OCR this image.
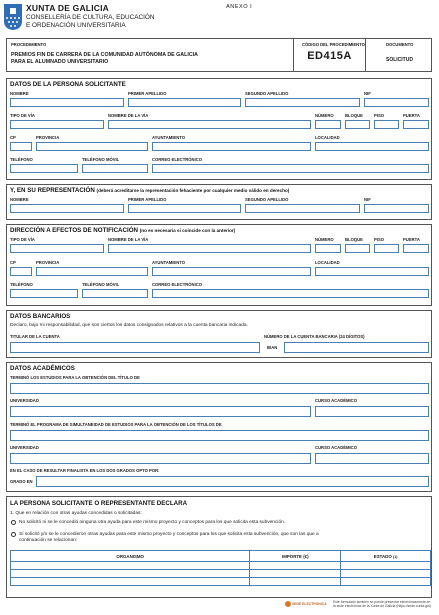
XUNTA DE GALICIA
CONSELLERÍA DE CULTURA, EDUCACIÓN
E ORDENACIÓN UNIVERSITARIA
ANEXO I
PROCEDIMIENTO
PREMIOS FIN DE CARRERA DE LA COMUNIDAD AUTÓNOMA DE GALICIA
PARA EL ALUMNADO UNIVERSITARIO
CÓDIGO DEL PROCEDIMIENTO
ED415A
DOCUMENTO
SOLICITUD
DATOS DE LA PERSONA SOLICITANTE
NOMBRE	PRIMER APELLIDO	SEGUNDO APELLIDO	NIF
TIPO DE VÍA	NOMBRE DE LA VÍA	NÚMERO	BLOQUE	PISO	PUERTA
CP	PROVINCIA	AYUNTAMIENTO	LOCALIDAD
TELÉFONO	TELÉFONO MÓVIL	CORREO ELECTRÓNICO
Y, EN SU REPRESENTACIÓN (deberá acreditarse la representación fehaciente por cualquier medio válido en derecho)
NOMBRE	PRIMER APELLIDO	SEGUNDO APELLIDO	NIF
DIRECCIÓN A EFECTOS DE NOTIFICACIÓN (no es necesaria si coincide con la anterior)
TIPO DE VÍA	NOMBRE DE LA VÍA	NÚMERO	BLOQUE	PISO	PUERTA
CP	PROVINCIA	AYUNTAMIENTO	LOCALIDAD
TELÉFONO	TELÉFONO MÓVIL	CORREO ELECTRÓNICO
DATOS BANCARIOS
Declaro, bajo mi responsabilidad, que son ciertos los datos consignados relativos a la cuenta bancaria indicada.
TITULAR DE LA CUENTA	NÚMERO DE LA CUENTA BANCARIA (24 DÍGITOS)
IBAN
DATOS ACADÉMICOS
TERMINÓ LOS ESTUDIOS PARA LA OBTENCIÓN DEL TÍTULO DE
UNIVERSIDAD	CURSO ACADÉMICO
TERMINÓ EL PROGRAMA DE SIMULTANEIDAD DE ESTUDIOS PARA LA OBTENCIÓN DE LOS TÍTULOS DE
UNIVERSIDAD	CURSO ACADÉMICO
EN EL CASO DE RESULTAR FINALISTA EN LOS DOS GRADOS OPTO POR:
GRADO EN
LA PERSONA SOLICITANTE O REPRESENTANTE DECLARA
1. Que en relación con otras ayudas concedidas o solicitadas:
No solicitó ni se le concedió ninguna otra ayuda para este mismo proyecto y conceptos para los que solicita esta subvención.
Sí solicitó y/o se le concedieron otras ayudas para este mismo proyecto y conceptos para los que solicita esta subvención, que son las que a
continuación se relacionan:
ORGANISMO	IMPORTE (€)	ESTADO (1)

SEDE ELECTRÓNICA Este formulario también se puede presentar electrónicamente en
la sede electrónica de la Xunta de Galicia (https://sede.xunta.gal)
